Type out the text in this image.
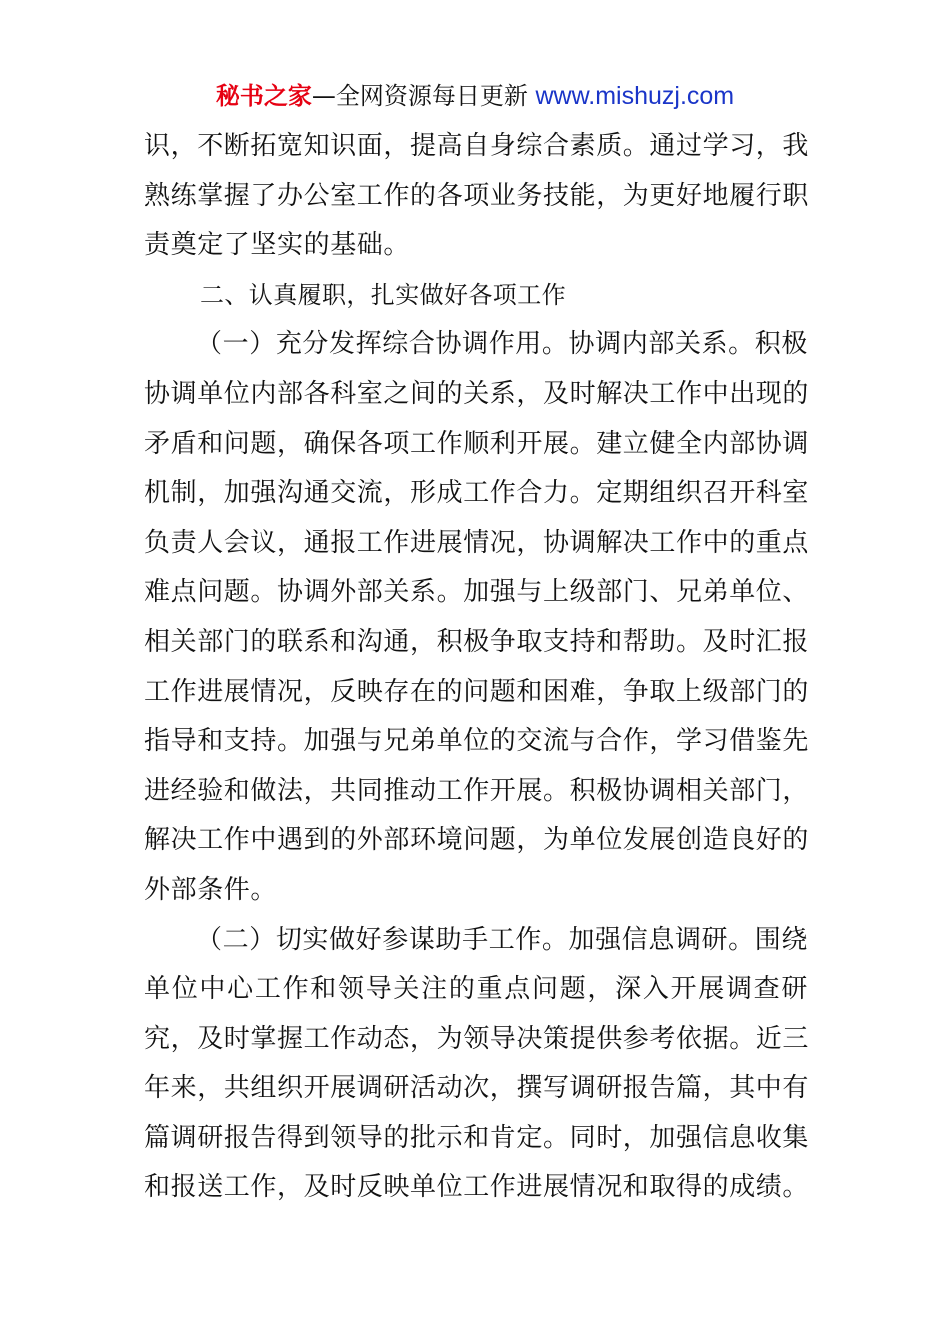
秘书之家—全网资源每日更新 www.mishuzj.com
识，不断拓宽知识面，提高自身综合素质。通过学习，我
熟练掌握了办公室工作的各项业务技能，为更好地履行职
责奠定了坚实的基础。
二、认真履职，扎实做好各项工作
（一）充分发挥综合协调作用。协调内部关系。积极
协调单位内部各科室之间的关系，及时解决工作中出现的
矛盾和问题，确保各项工作顺利开展。建立健全内部协调
机制，加强沟通交流，形成工作合力。定期组织召开科室
负责人会议，通报工作进展情况，协调解决工作中的重点
难点问题。协调外部关系。加强与上级部门、兄弟单位、
相关部门的联系和沟通，积极争取支持和帮助。及时汇报
工作进展情况，反映存在的问题和困难，争取上级部门的
指导和支持。加强与兄弟单位的交流与合作，学习借鉴先
进经验和做法，共同推动工作开展。积极协调相关部门，
解决工作中遇到的外部环境问题，为单位发展创造良好的
外部条件。
（二）切实做好参谋助手工作。加强信息调研。围绕
单位中心工作和领导关注的重点问题，深入开展调查研
究，及时掌握工作动态，为领导决策提供参考依据。近三
年来，共组织开展调研活动次，撰写调研报告篇，其中有
篇调研报告得到领导的批示和肯定。同时，加强信息收集
和报送工作，及时反映单位工作进展情况和取得的成绩。
